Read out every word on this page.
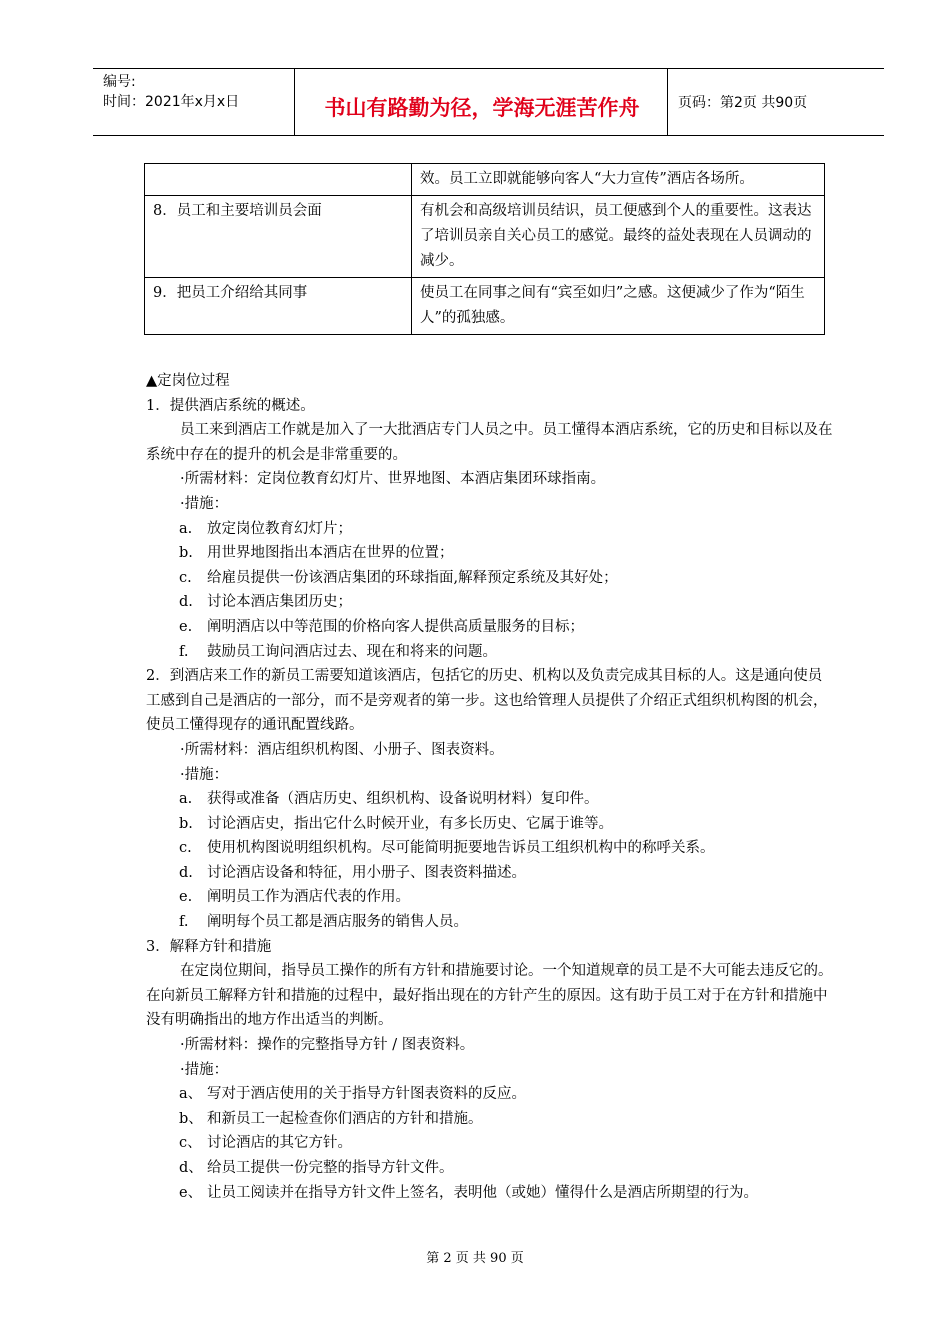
编号:
时间：2021年x月x日	书山有路勤为径，学海无涯苦作舟	页码：第2页 共90页
	效。员工立即就能够向客人“大力宣传”酒店各场所。
8．员工和主要培训员会面	有机会和高级培训员结识，员工便感到个人的重要性。这表达了培训员亲自关心员工的感觉。最终的益处表现在人员调动的减少。
9．把员工介绍给其同事	使员工在同事之间有“宾至如归”之感。这便减少了作为“陌生人”的孤独感。

▲定岗位过程

1．提供酒店系统的概述。

员工来到酒店工作就是加入了一大批酒店专门人员之中。员工懂得本酒店系统，它的历史和目标以及在系统中存在的提升的机会是非常重要的。

·所需材料：定岗位教育幻灯片、世界地图、本酒店集团环球指南。

·措施：

a. 放定岗位教育幻灯片；

b. 用世界地图指出本酒店在世界的位置；

c. 给雇员提供一份该酒店集团的环球指面,解释预定系统及其好处；

d. 讨论本酒店集团历史；

e. 阐明酒店以中等范围的价格向客人提供高质量服务的目标；

f. 鼓励员工询问酒店过去、现在和将来的问题。

2．到酒店来工作的新员工需要知道该酒店，包括它的历史、机构以及负责完成其目标的人。这是通向使员工感到自己是酒店的一部分，而不是旁观者的第一步。这也给管理人员提供了介绍正式组织机构图的机会，使员工懂得现存的通讯配置线路。

·所需材料：酒店组织机构图、小册子、图表资料。

·措施：

a. 获得或准备（酒店历史、组织机构、设备说明材料）复印件。

b. 讨论酒店史，指出它什么时候开业，有多长历史、它属于谁等。

c. 使用机构图说明组织机构。尽可能简明扼要地告诉员工组织机构中的称呼关系。

d. 讨论酒店设备和特征，用小册子、图表资料描述。

e. 阐明员工作为酒店代表的作用。

f. 阐明每个员工都是酒店服务的销售人员。

3．解释方针和措施

在定岗位期间，指导员工操作的所有方针和措施要讨论。一个知道规章的员工是不大可能去违反它的。在向新员工解释方针和措施的过程中，最好指出现在的方针产生的原因。这有助于员工对于在方针和措施中没有明确指出的地方作出适当的判断。

·所需材料：操作的完整指导方针 / 图表资料。

·措施：

a、 写对于酒店使用的关于指导方针图表资料的反应。

b、 和新员工一起检查你们酒店的方针和措施。

c、 讨论酒店的其它方针。

d、 给员工提供一份完整的指导方针文件。

e、 让员工阅读并在指导方针文件上签名，表明他（或她）懂得什么是酒店所期望的行为。

第 2 页 共 90 页
